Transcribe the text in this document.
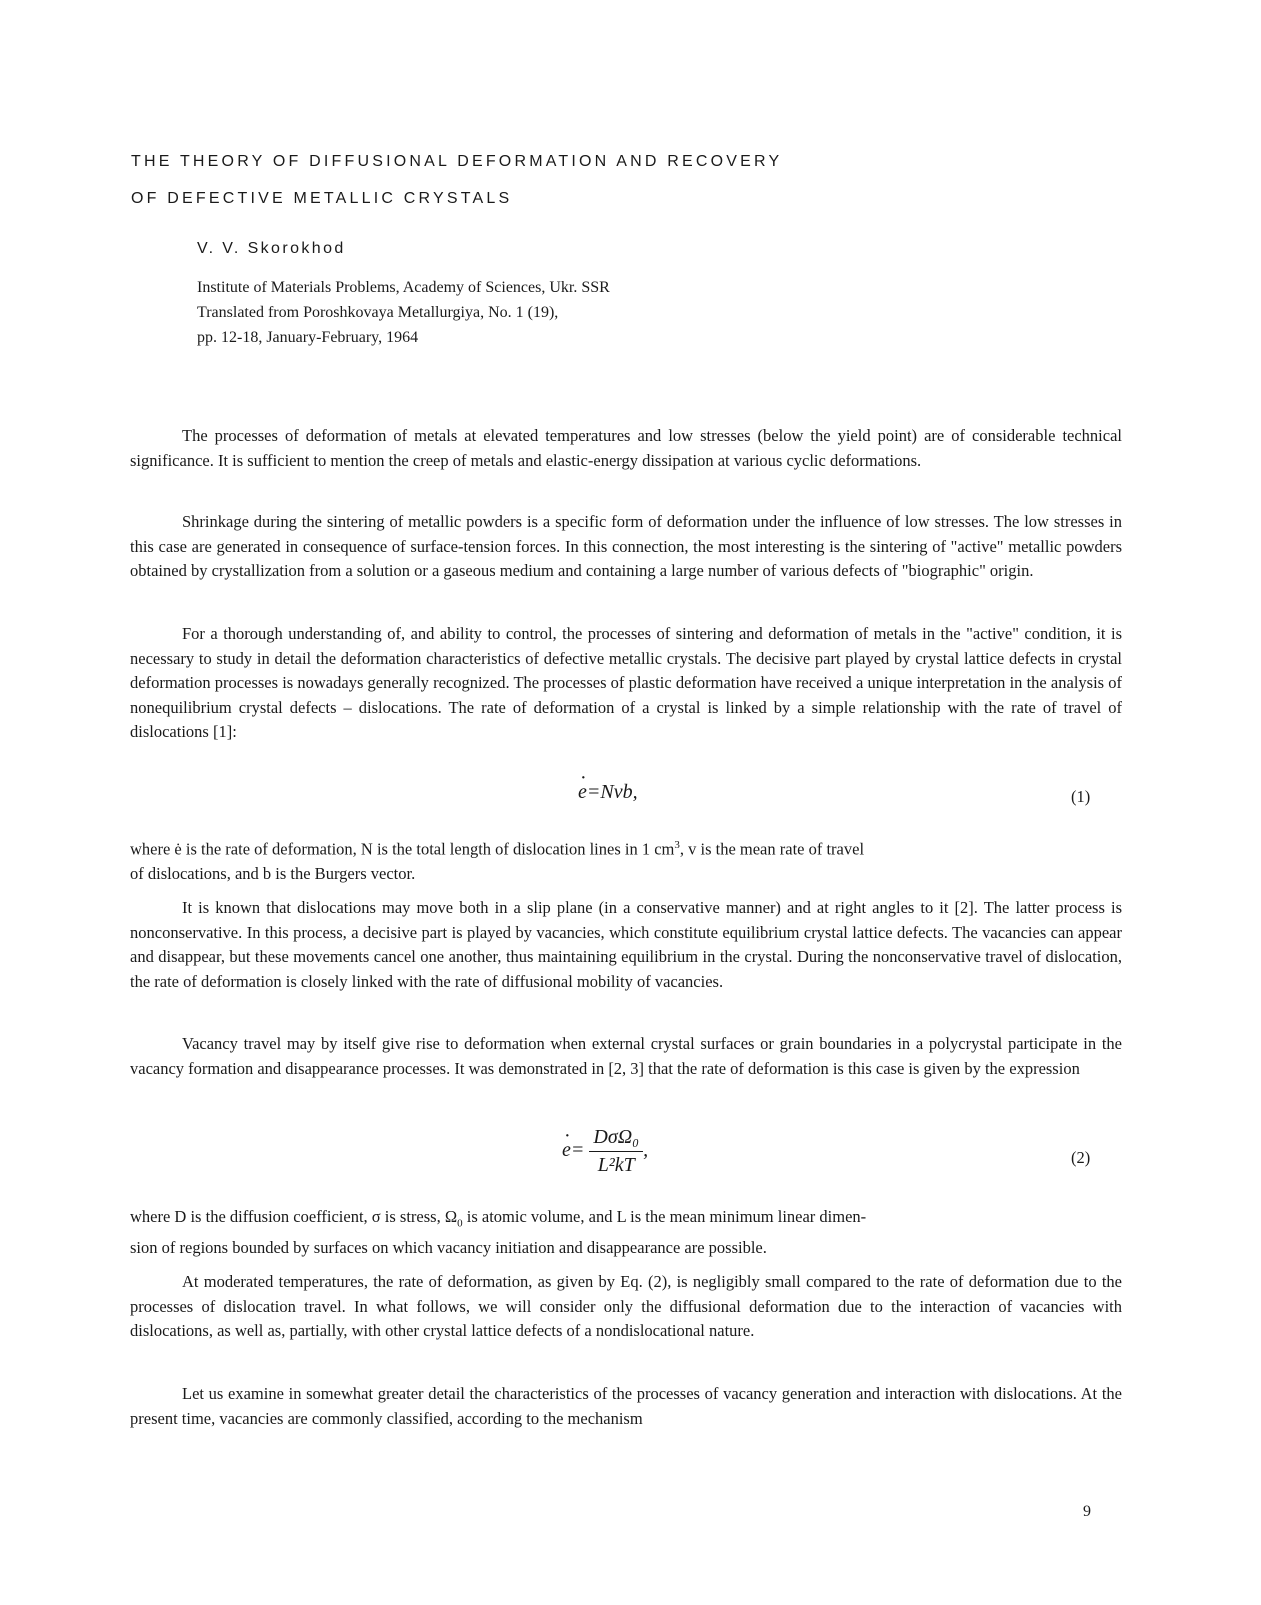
THE THEORY OF DIFFUSIONAL DEFORMATION AND RECOVERY
OF DEFECTIVE METALLIC CRYSTALS
V. V. Skorokhod
Institute of Materials Problems, Academy of Sciences, Ukr. SSR
Translated from Poroshkovaya Metallurgiya, No. 1 (19),
pp. 12-18, January-February, 1964

The processes of deformation of metals at elevated temperatures and low stresses (below the yield point) are of considerable technical significance. It is sufficient to mention the creep of metals and elastic-energy dissipation at various cyclic deformations.

Shrinkage during the sintering of metallic powders is a specific form of deformation under the influence of low stresses. The low stresses in this case are generated in consequence of surface-tension forces. In this connection, the most interesting is the sintering of "active" metallic powders obtained by crystallization from a solution or a gaseous medium and containing a large number of various defects of "biographic" origin.

For a thorough understanding of, and ability to control, the processes of sintering and deformation of metals in the "active" condition, it is necessary to study in detail the deformation characteristics of defective metallic crystals. The decisive part played by crystal lattice defects in crystal deformation processes is nowadays generally recognized. The processes of plastic deformation have received a unique interpretation in the analysis of nonequilibrium crystal defects – dislocations. The rate of deformation of a crystal is linked by a simple relationship with the rate of travel of dislocations [1]:

· e=Nvb,	(1)
where ė is the rate of deformation, N is the total length of dislocation lines in 1 $cm^3$, v is the mean rate of travel
of dislocations, and b is the Burgers vector.

It is known that dislocations may move both in a slip plane (in a conservative manner) and at right angles to it [2]. The latter process is nonconservative. In this process, a decisive part is played by vacancies, which constitute equilibrium crystal lattice defects. The vacancies can appear and disappear, but these movements cancel one another, thus maintaining equilibrium in the crystal. During the nonconservative travel of dislocation, the rate of deformation is closely linked with the rate of diffusional mobility of vacancies.

Vacancy travel may by itself give rise to deformation when external crystal surfaces or grain boundaries in a polycrystal participate in the vacancy formation and disappearance processes. It was demonstrated in [2, 3] that the rate of deformation is this case is given by the expression

· $e= \frac{\text{DσΩ₀}}{\text{L²kT}}$ ,	(2)
where D is the diffusion coefficient, σ is stress, $\Omega_0$ is atomic volume, and L is the mean minimum linear dimen-
sion of regions bounded by surfaces on which vacancy initiation and disappearance are possible.

At moderated temperatures, the rate of deformation, as given by Eq. (2), is negligibly small compared to the rate of deformation due to the processes of dislocation travel. In what follows, we will consider only the diffusional deformation due to the interaction of vacancies with dislocations, as well as, partially, with other crystal lattice defects of a nondislocational nature.

Let us examine in somewhat greater detail the characteristics of the processes of vacancy generation and interaction with dislocations. At the present time, vacancies are commonly classified, according to the mechanism

9
